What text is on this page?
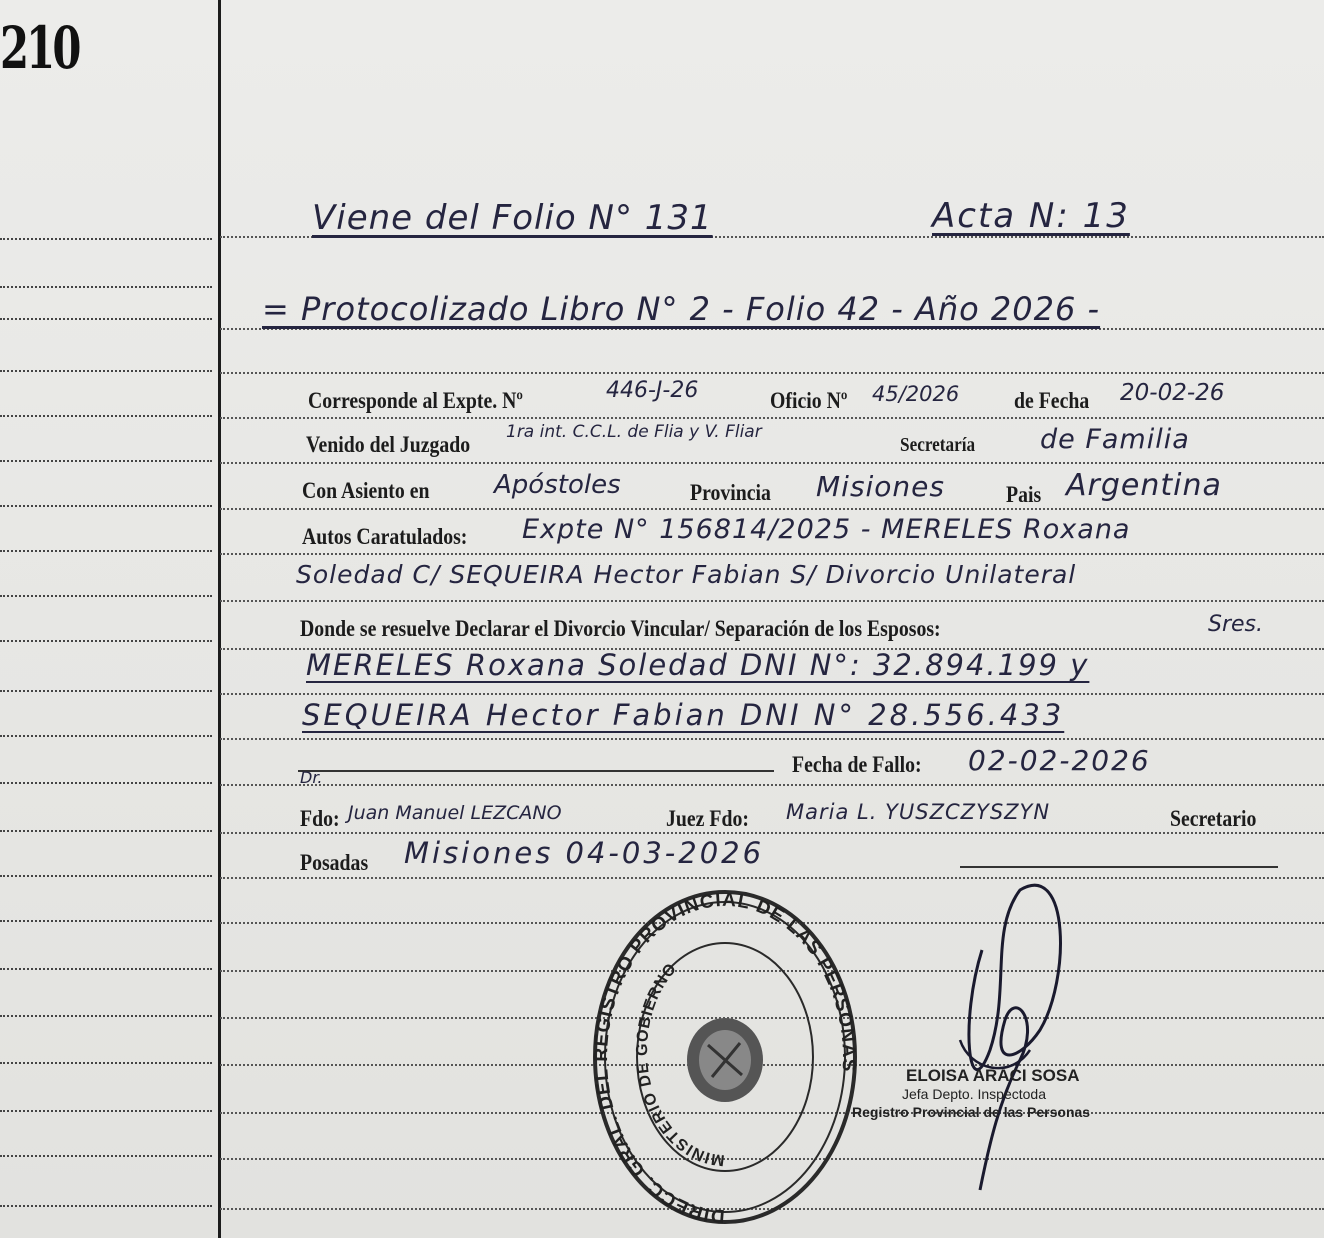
210
Viene del Folio N° 131	Acta N: 13
= Protocolizado Libro N° 2 - Folio 42 - Año 2026 -
Corresponde al Expte. Nº	446-J-26	Oficio Nº 45/2026 de Fecha 20-02-26
Venido del Juzgado 1ra int. C.C.L. de Flia y V. Fliar
Secretaría de Familia
Con Asiento en Apóstoles	Provincia Misiones	Pais Argentina
Autos Caratulados: Expte N° 156814/2025 - MERELES Roxana
Soledad C/ SEQUEIRA Hector Fabian S/ Divorcio Unilateral
Donde se resuelve Declarar el Divorcio Vincular/ Separación de los Esposos:	Sres.
MERELES Roxana Soledad DNI N°: 32.894.199 y
SEQUEIRA Hector Fabian DNI N° 28.556.433
Fecha de Fallo: 02-02-2026
Dr.
Fdo: Juan Manuel LEZCANO	Juez Fdo: Maria L. YUSZCZYSZYN	Secretario
Posadas Misiones 04-03-2026
DIRECC. GRAL. DEL REGISTRO PROVINCIAL DE LAS PERSONAS
MINISTERIO DE GOBIERNO
ELOISA ARACI SOSA
Jefa Depto. Inspectoda
Registro Provincial de las Personas
